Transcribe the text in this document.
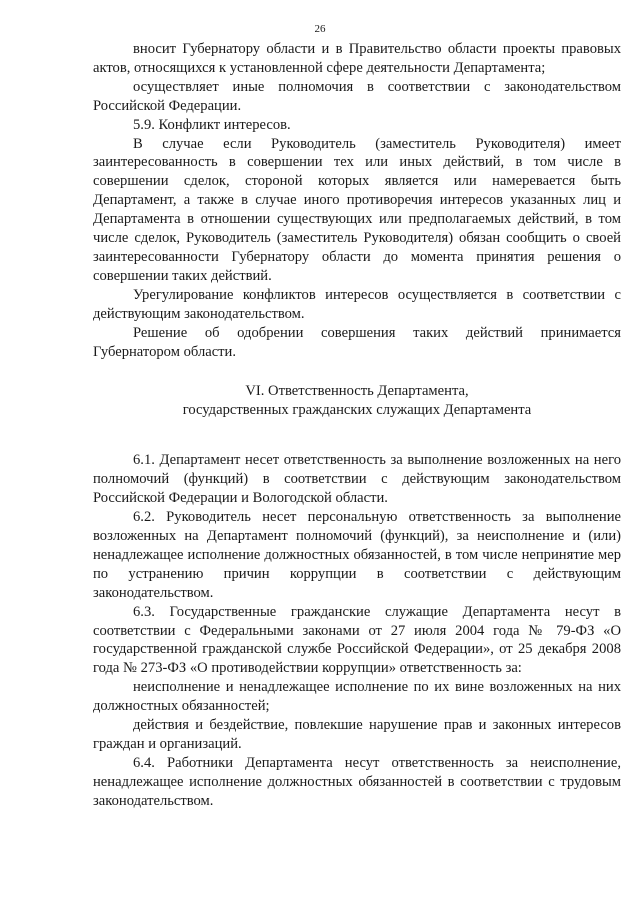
26

вносит Губернатору области и в Правительство области проекты правовых актов, относящихся к установленной сфере деятельности Департамента;

осуществляет иные полномочия в соответствии с законодательством Российской Федерации.

5.9. Конфликт интересов.

В случае если Руководитель (заместитель Руководителя) имеет заинтересованность в совершении тех или иных действий, в том числе в совершении сделок, стороной которых является или намеревается быть Департамент, а также в случае иного противоречия интересов указанных лиц и Департамента в отношении существующих или предполагаемых действий, в том числе сделок, Руководитель (заместитель Руководителя) обязан сообщить о своей заинтересованности Губернатору области до момента принятия решения о совершении таких действий.

Урегулирование конфликтов интересов осуществляется в соответствии с действующим законодательством.

Решение об одобрении совершения таких действий принимается Губернатором области.

VI. Ответственность Департамента,

государственных гражданских служащих Департамента

6.1. Департамент несет ответственность за выполнение возложенных на него полномочий (функций) в соответствии с действующим законодательством Российской Федерации и Вологодской области.

6.2. Руководитель несет персональную ответственность за выполнение возложенных на Департамент полномочий (функций), за неисполнение и (или) ненадлежащее исполнение должностных обязанностей, в том числе непринятие мер по устранению причин коррупции в соответствии с действующим законодательством.

6.3. Государственные гражданские служащие Департамента несут в соответствии с Федеральными законами от 27 июля 2004 года № 79-ФЗ «О государственной гражданской службе Российской Федерации», от 25 декабря 2008 года № 273-ФЗ «О противодействии коррупции» ответственность за:

неисполнение и ненадлежащее исполнение по их вине возложенных на них должностных обязанностей;

действия и бездействие, повлекшие нарушение прав и законных интересов граждан и организаций.

6.4. Работники Департамента несут ответственность за неисполнение, ненадлежащее исполнение должностных обязанностей в соответствии с трудовым законодательством.
